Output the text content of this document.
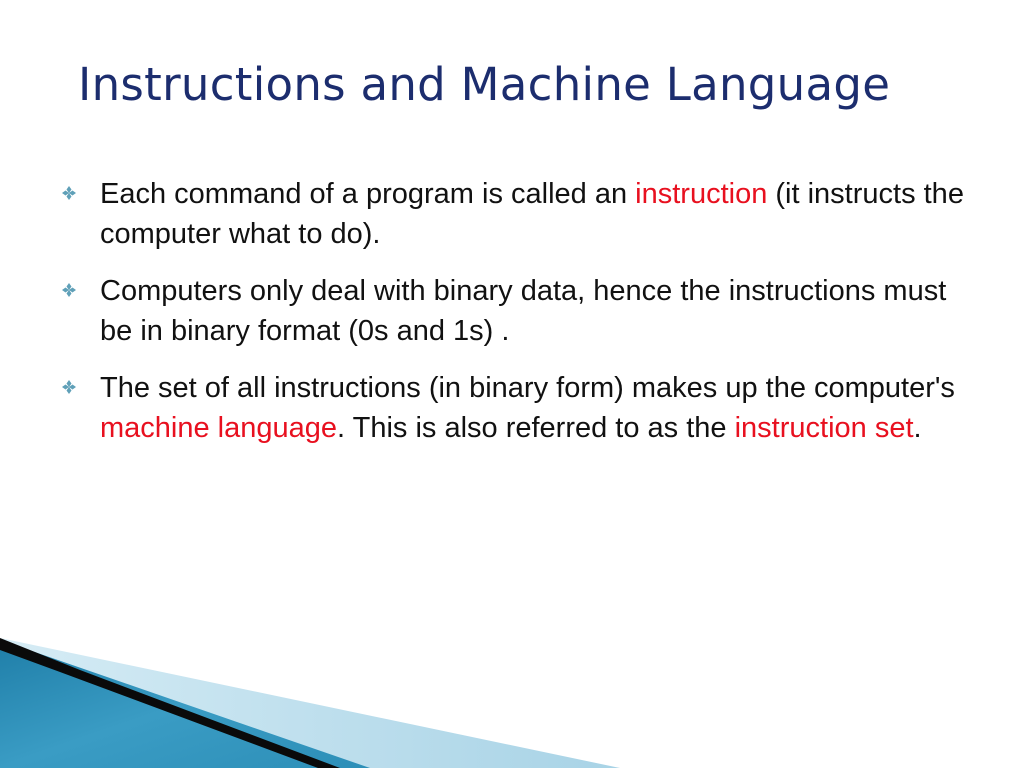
Instructions and Machine Language
Each command of a program is called an instruction (it instructs the computer what to do).
Computers only deal with binary data, hence the instructions must be in binary format (0s and 1s) .
The set of all instructions (in binary form) makes up the computer's machine language. This is also referred to as the instruction set.
